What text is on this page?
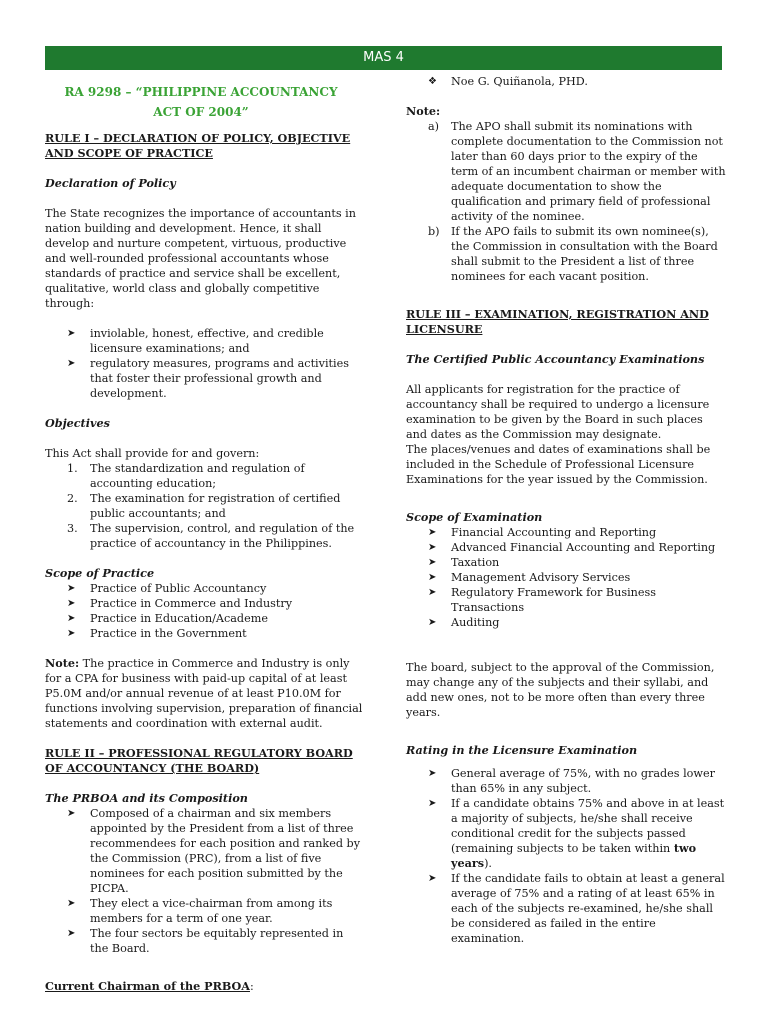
MAS 4
RA 9298 – “PHILIPPINE ACCOUNTANCY
ACT OF 2004”
RULE I – DECLARATION OF POLICY, OBJECTIVE AND SCOPE OF PRACTICE
Declaration of Policy

The State recognizes the importance of accountants in nation building and development. Hence, it shall develop and nurture competent, virtuous, productive and well-rounded professional accountants whose standards of practice and service shall be excellent, qualitative, world class and globally competitive through:

➤ inviolable, honest, effective, and credible licensure examinations; and
➤ regulatory measures, programs and activities that foster their professional growth and development.
Objectives

This Act shall provide for and govern:

1. The standardization and regulation of accounting education;
2. The examination for registration of certified public accountants; and
3. The supervision, control, and regulation of the practice of accountancy in the Philippines.
Scope of Practice
➤ Practice of Public Accountancy
➤ Practice in Commerce and Industry
➤ Practice in Education/Academe
➤ Practice in the Government

Note: The practice in Commerce and Industry is only for a CPA for business with paid-up capital of at least P5.0M and/or annual revenue of at least P10.0M for functions involving supervision, preparation of financial statements and coordination with external audit.

RULE II – PROFESSIONAL REGULATORY BOARD OF ACCOUNTANCY (THE BOARD)
The PRBOA and its Composition
➤ Composed of a chairman and six members appointed by the President from a list of three recommendees for each position and ranked by the Commission (PRC), from a list of five nominees for each position submitted by the PICPA.
➤ They elect a vice-chairman from among its members for a term of one year.
➤ The four sectors be equitably represented in the Board.

Current Chairman of the PRBOA:

❖ Noe G. Quiñanola, PHD.

Note:

a) The APO shall submit its nominations with complete documentation to the Commission not later than 60 days prior to the expiry of the term of an incumbent chairman or member with adequate documentation to show the qualification and primary field of professional activity of the nominee.
b) If the APO fails to submit its own nominee(s), the Commission in consultation with the Board shall submit to the President a list of three nominees for each vacant position.
RULE III – EXAMINATION, REGISTRATION AND LICENSURE
The Certified Public Accountancy Examinations

All applicants for registration for the practice of accountancy shall be required to undergo a licensure examination to be given by the Board in such places and dates as the Commission may designate.

The places/venues and dates of examinations shall be included in the Schedule of Professional Licensure Examinations for the year issued by the Commission.

Scope of Examination
➤ Financial Accounting and Reporting
➤ Advanced Financial Accounting and Reporting
➤ Taxation
➤ Management Advisory Services
➤ Regulatory Framework for Business Transactions
➤ Auditing

The board, subject to the approval of the Commission, may change any of the subjects and their syllabi, and add new ones, not to be more often than every three years.

Rating in the Licensure Examination
➤ General average of 75%, with no grades lower than 65% in any subject.
➤ If a candidate obtains 75% and above in at least a majority of subjects, he/she shall receive conditional credit for the subjects passed (remaining subjects to be taken within two years).
➤ If the candidate fails to obtain at least a general average of 75% and a rating of at least 65% in each of the subjects re-examined, he/she shall be considered as failed in the entire examination.
